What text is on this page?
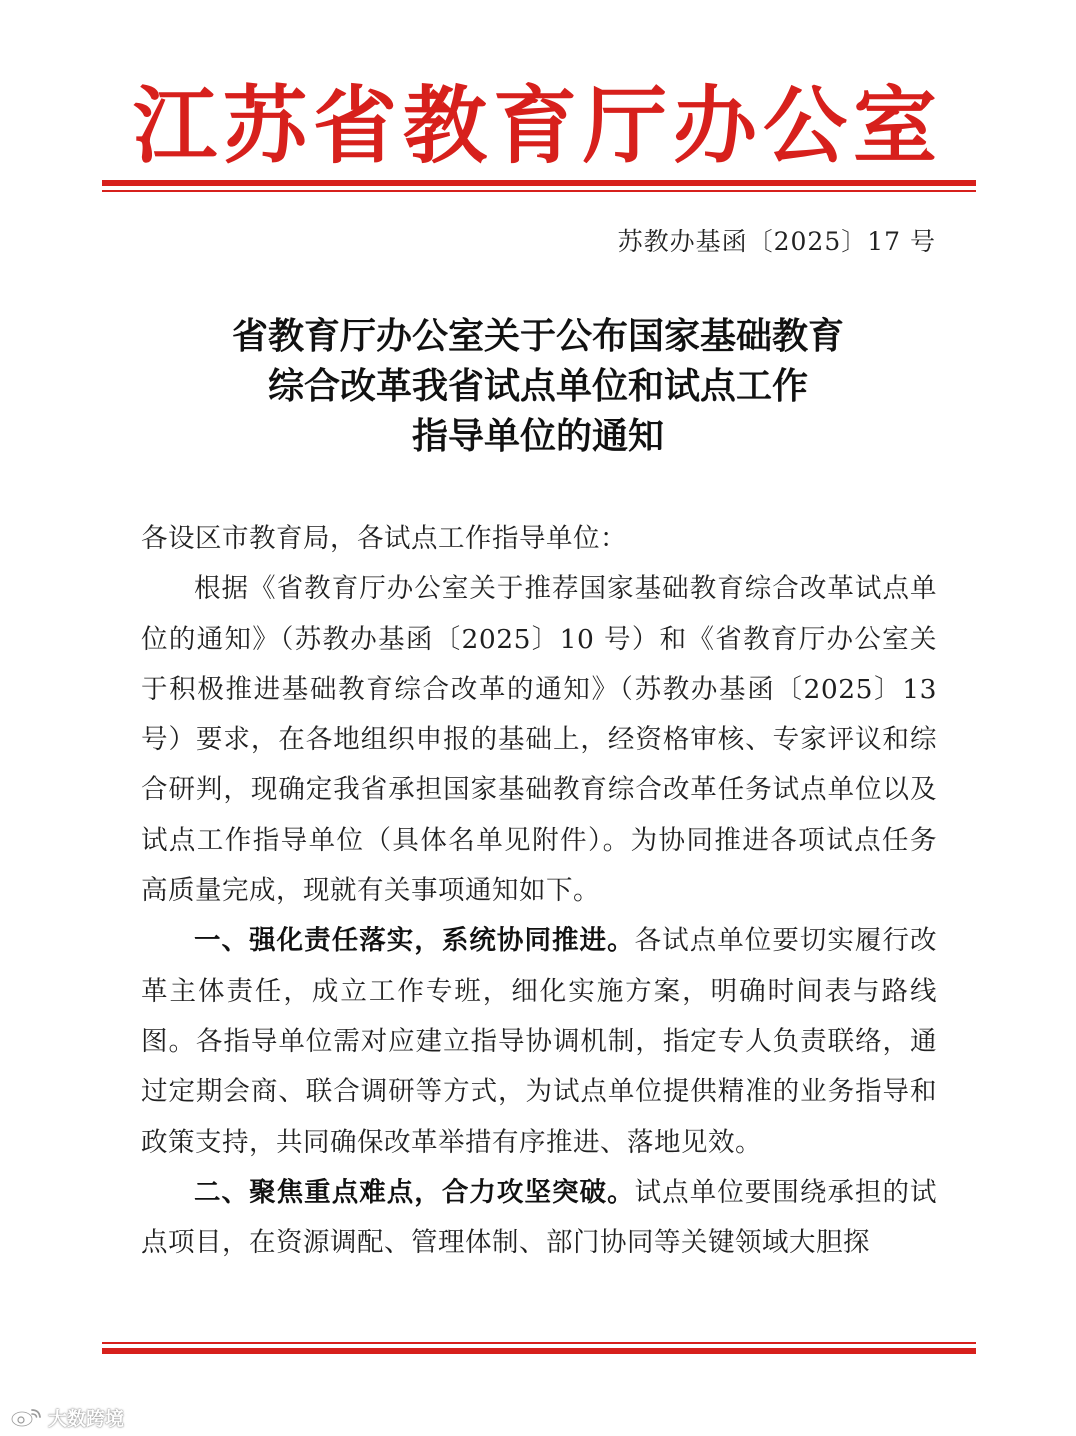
江苏省教育厅办公室
苏教办基函〔2025〕17 号
省教育厅办公室关于公布国家基础教育
综合改革我省试点单位和试点工作
指导单位的通知

各设区市教育局，各试点工作指导单位：

根据《省教育厅办公室关于推荐国家基础教育综合改革试点单位的通知》（苏教办基函〔2025〕10 号）和《省教育厅办公室关于积极推进基础教育综合改革的通知》（苏教办基函〔2025〕13 号）要求，在各地组织申报的基础上，经资格审核、专家评议和综合研判，现确定我省承担国家基础教育综合改革任务试点单位以及试点工作指导单位（具体名单见附件）。为协同推进各项试点任务高质量完成，现就有关事项通知如下。

一、强化责任落实，系统协同推进。各试点单位要切实履行改革主体责任，成立工作专班，细化实施方案，明确时间表与路线图。各指导单位需对应建立指导协调机制，指定专人负责联络，通过定期会商、联合调研等方式，为试点单位提供精准的业务指导和政策支持，共同确保改革举措有序推进、落地见效。

二、聚焦重点难点，合力攻坚突破。试点单位要围绕承担的试点项目，在资源调配、管理体制、部门协同等关键领域大胆探

大数跨境
